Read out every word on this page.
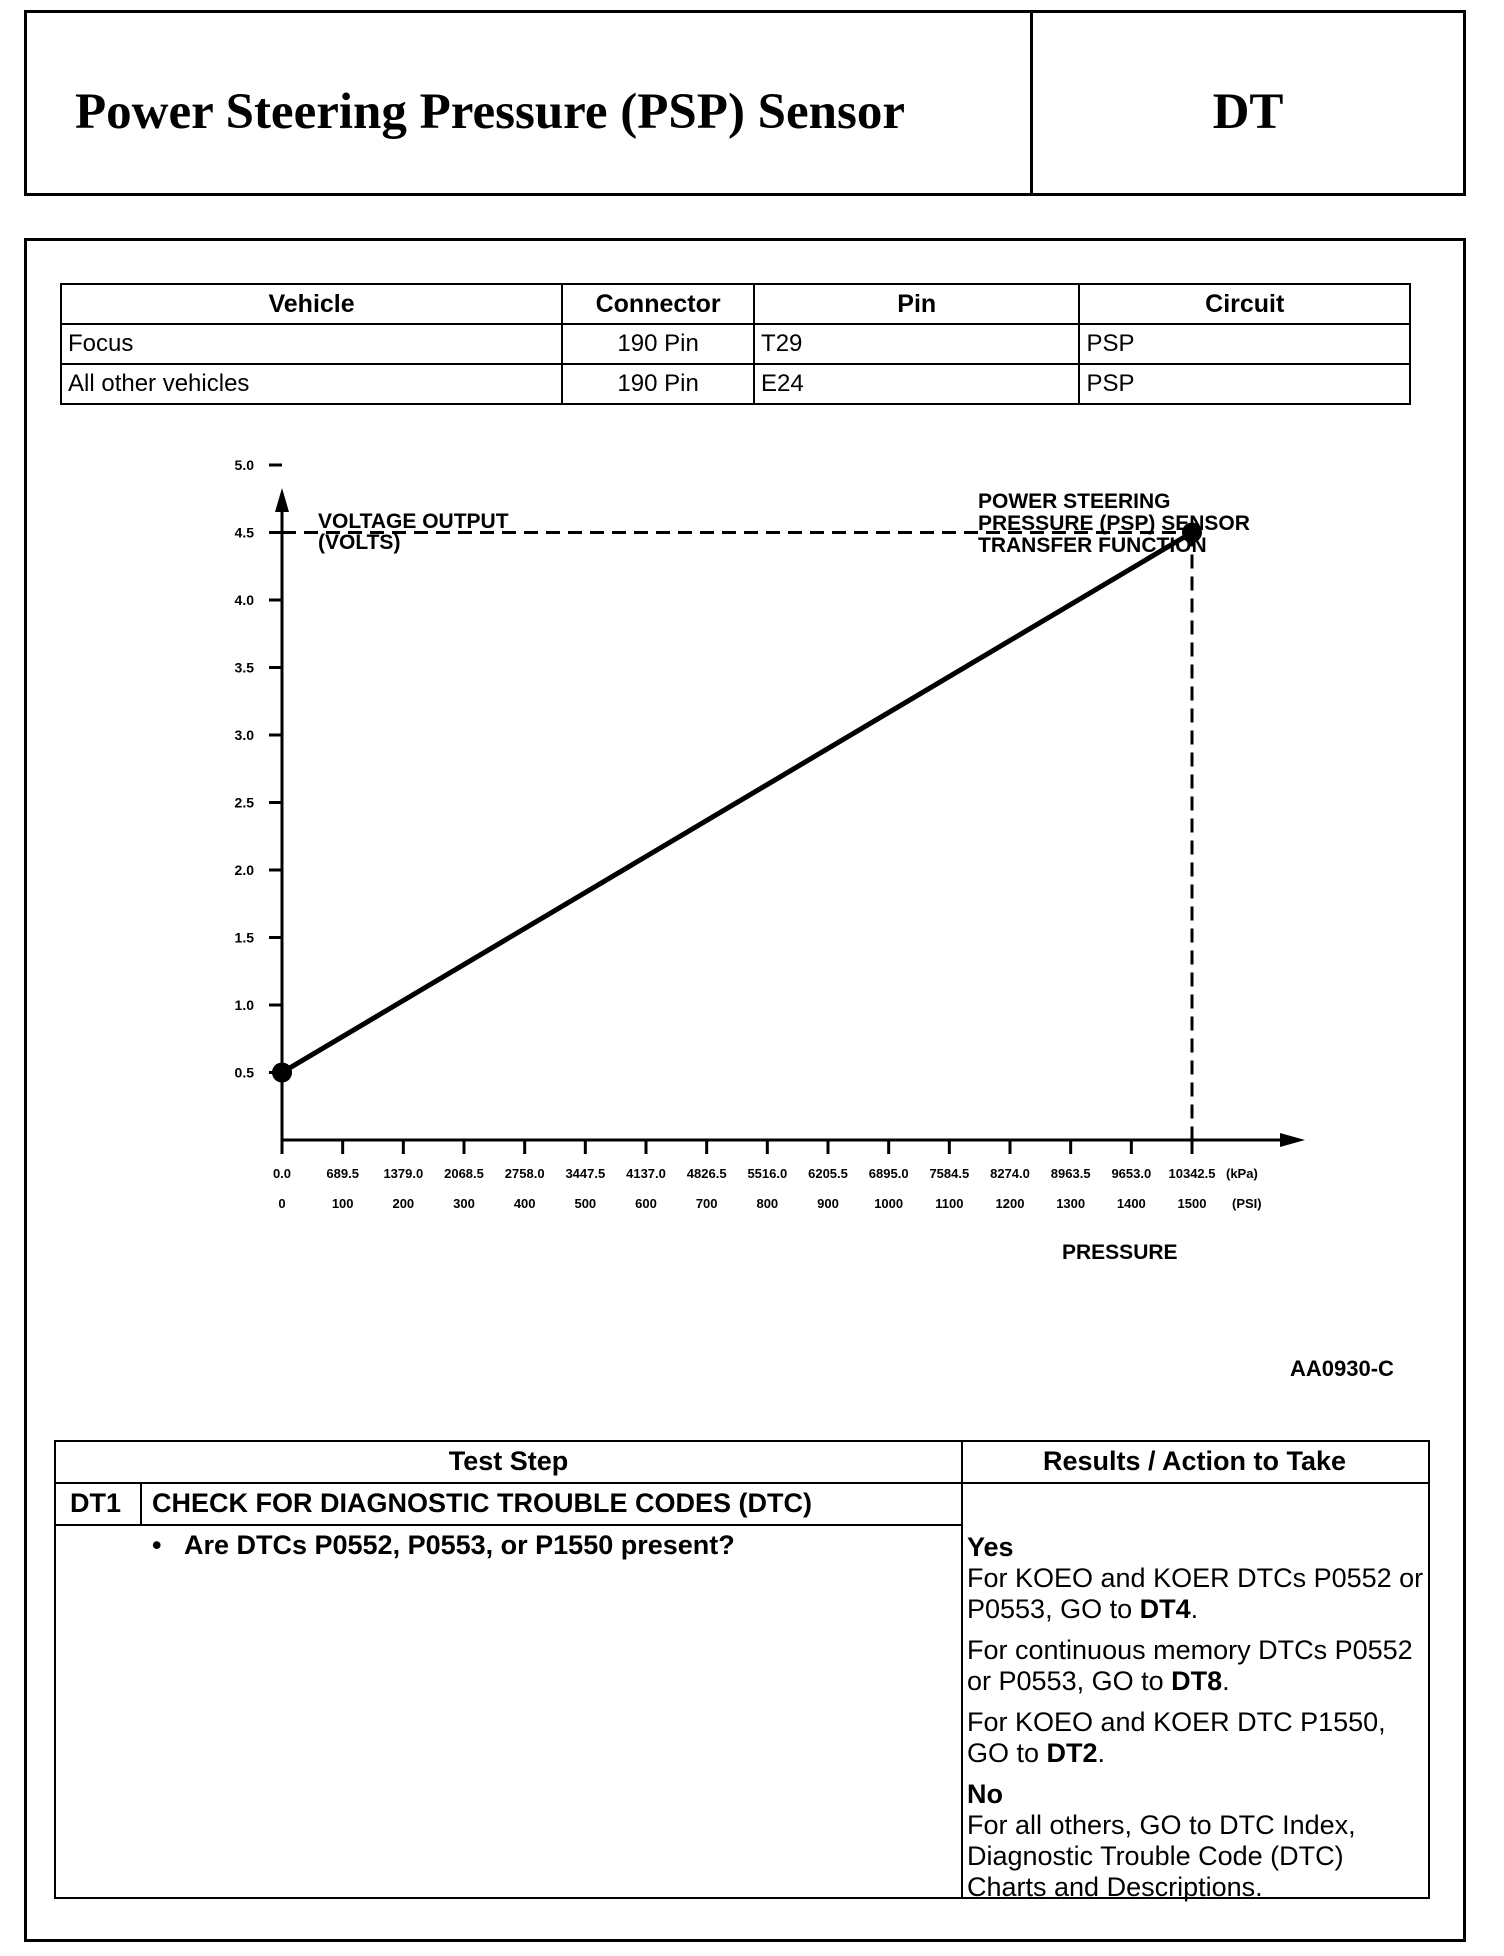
Power Steering Pressure (PSP) Sensor	DT
Vehicle	Connector	Pin	Circuit
Focus	190 Pin	T29	PSP
All other vehicles	190 Pin	E24	PSP
5.0
4.5
4.0
3.5
3.0
2.5
2.0
1.5
1.0
0.5
0.0
0
689.5
100
1379.0
200
2068.5
300
2758.0
400
3447.5
500
4137.0
600
4826.5
700
5516.0
800
6205.5
900
6895.0
1000
7584.5
1100
8274.0
1200
8963.5
1300
9653.0
1400
10342.5
1500
VOLTAGE OUTPUT
(VOLTS)
POWER STEERING
PRESSURE (PSP) SENSOR
TRANSFER FUNCTION
PRESSURE
(kPa)
(PSI)
AA0930-C
Test Step	Results / Action to Take
DT1 CHECK FOR DIAGNOSTIC TROUBLE CODES (DTC)
•   Are DTCs P0552, P0553, or P1550 present?	Yes

For KOEO and KOER DTCs P0552 or P0553, GO to DT4.

For continuous memory DTCs P0552 or P0553, GO to DT8.

For KOEO and KOER DTC P1550, GO to DT2.

No

For all others, GO to DTC Index, Diagnostic Trouble Code (DTC) Charts and Descriptions.
